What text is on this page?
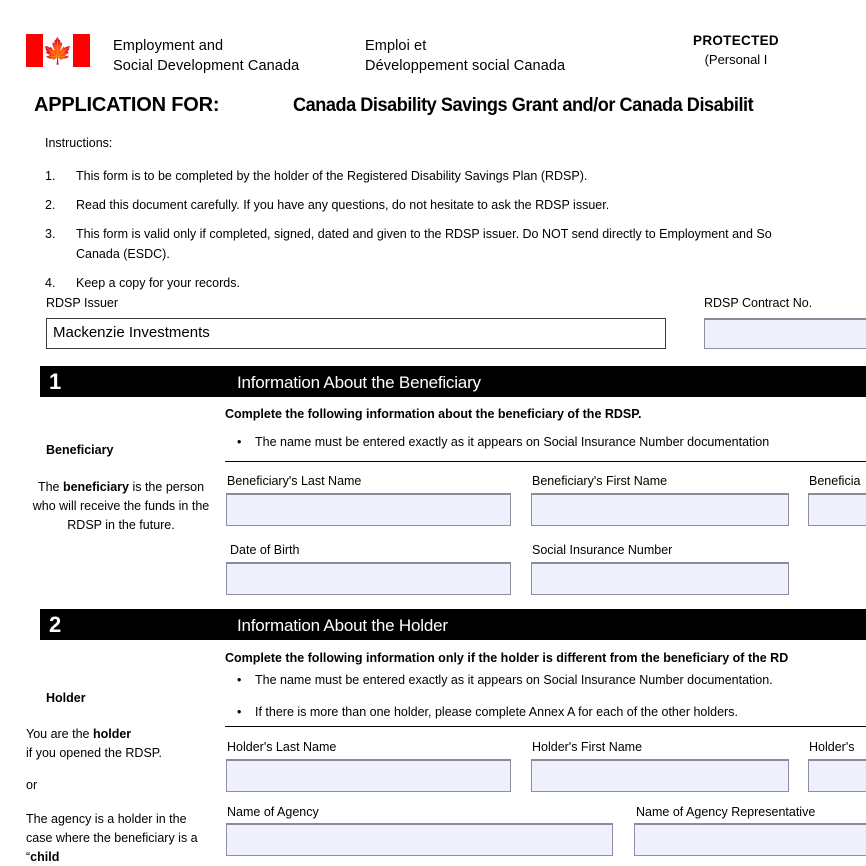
🍁	Employment and
Social Development Canada
Emploi et
Développement social Canada
PROTECTED
(Personal I
APPLICATION FOR:	Canada Disability Savings Grant and/or Canada Disabilit
Instructions:
1.	This form is to be completed by the holder of the Registered Disability Savings Plan (RDSP).
2.	Read this document carefully. If you have any questions, do not hesitate to ask the RDSP issuer.
3.	This form is valid only if completed, signed, dated and given to the RDSP issuer. Do NOT send directly to Employment and So
Canada (ESDC).
4.	Keep a copy for your records.
RDSP Issuer
Mackenzie Investments
RDSP Contract No.
1	Information About the Beneficiary
Complete the following information about the beneficiary of the RDSP.
• The name must be entered exactly as it appears on Social Insurance Number documentation
Beneficiary
The beneficiary is the person who will receive the funds in the RDSP in the future.
Beneficiary's Last Name	Beneficiary's First Name	Beneficia
Date of Birth	Social Insurance Number
2	Information About the Holder
Complete the following information only if the holder is different from the beneficiary of the RD
• The name must be entered exactly as it appears on Social Insurance Number documentation.
• If there is more than one holder, please complete Annex A for each of the other holders.
Holder
You are the holder
if you opened the RDSP.
or
The agency is a holder in the case where the beneficiary is a “child
Holder's Last Name	Holder's First Name	Holder's
Name of Agency	Name of Agency Representative
